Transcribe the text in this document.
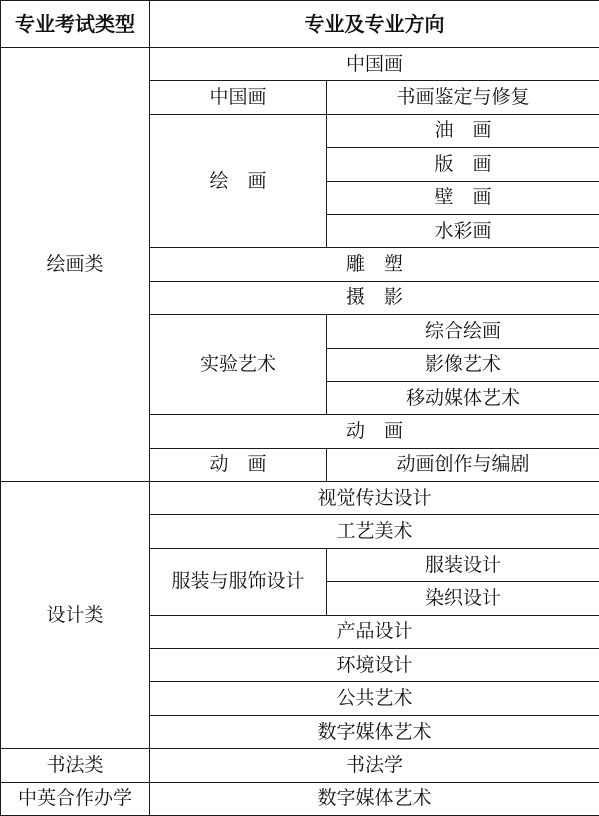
专业考试类型	专业及专业方向	
绘画类	中国画	
	中国画	书画鉴定与修复
	绘　画	油　画
		版　画
		壁　画
		水彩画
	雕　塑	
	摄　影	
	实验艺术	综合绘画
		影像艺术
		移动媒体艺术
	动　画	
	动　画	动画创作与编剧
设计类	视觉传达设计	
	工艺美术	
	服装与服饰设计	服装设计
		染织设计
	产品设计	
	环境设计	
	公共艺术	
	数字媒体艺术	
书法类	书法学	
中英合作办学	数字媒体艺术	
